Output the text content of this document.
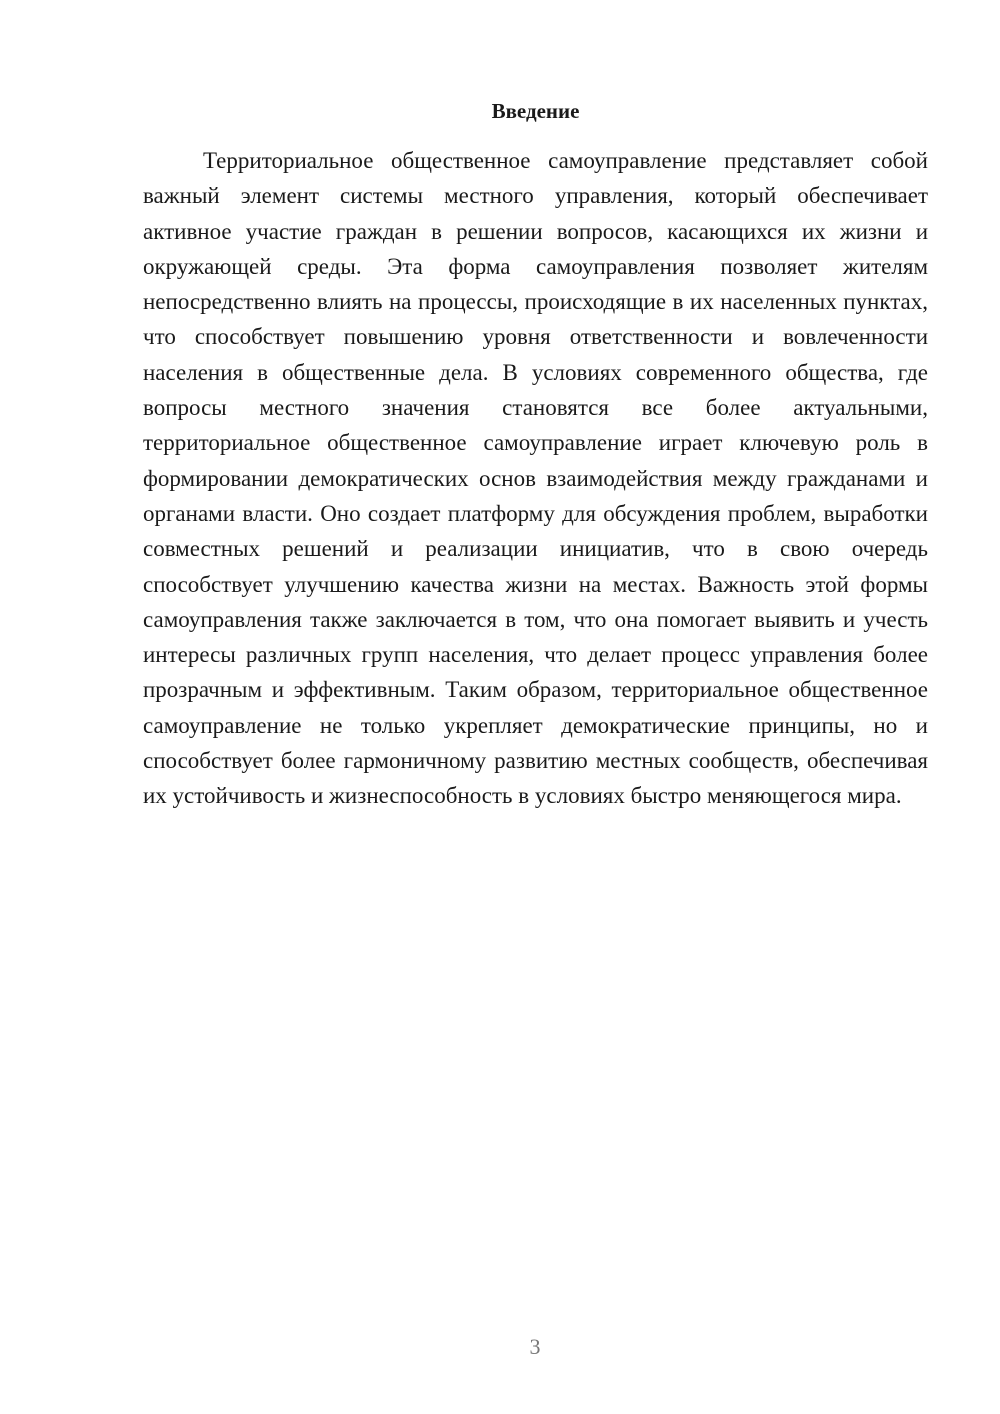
Введение

Территориальное общественное самоуправление представляет собой важный элемент системы местного управления, который обеспечивает активное участие граждан в решении вопросов, касающихся их жизни и окружающей среды. Эта форма самоуправления позволяет жителям непосредственно влиять на процессы, происходящие в их населенных пунктах, что способствует повышению уровня ответственности и вовлеченности населения в общественные дела. В условиях современного общества, где вопросы местного значения становятся все более актуальными, территориальное общественное самоуправление играет ключевую роль в формировании демократических основ взаимодействия между гражданами и органами власти. Оно создает платформу для обсуждения проблем, выработки совместных решений и реализации инициатив, что в свою очередь способствует улучшению качества жизни на местах. Важность этой формы самоуправления также заключается в том, что она помогает выявить и учесть интересы различных групп населения, что делает процесс управления более прозрачным и эффективным. Таким образом, территориальное общественное самоуправление не только укрепляет демократические принципы, но и способствует более гармоничному развитию местных сообществ, обеспечивая их устойчивость и жизнеспособность в условиях быстро меняющегося мира.

3
